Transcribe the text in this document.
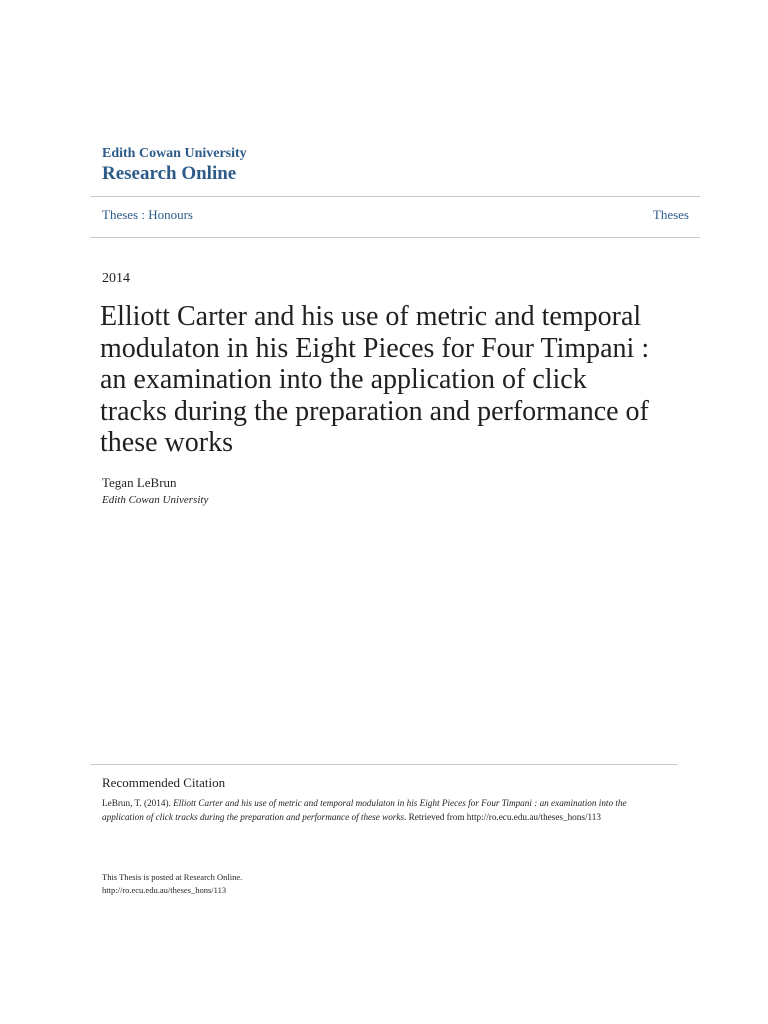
Edith Cowan University
Research Online
Theses : Honours	Theses
2014
Elliott Carter and his use of metric and temporal modulaton in his Eight Pieces for Four Timpani : an examination into the application of click tracks during the preparation and performance of these works
Tegan LeBrun
Edith Cowan University
Recommended Citation
LeBrun, T. (2014). Elliott Carter and his use of metric and temporal modulaton in his Eight Pieces for Four Timpani : an examination into the application of click tracks during the preparation and performance of these works. Retrieved from http://ro.ecu.edu.au/theses_hons/113
This Thesis is posted at Research Online.
http://ro.ecu.edu.au/theses_hons/113
